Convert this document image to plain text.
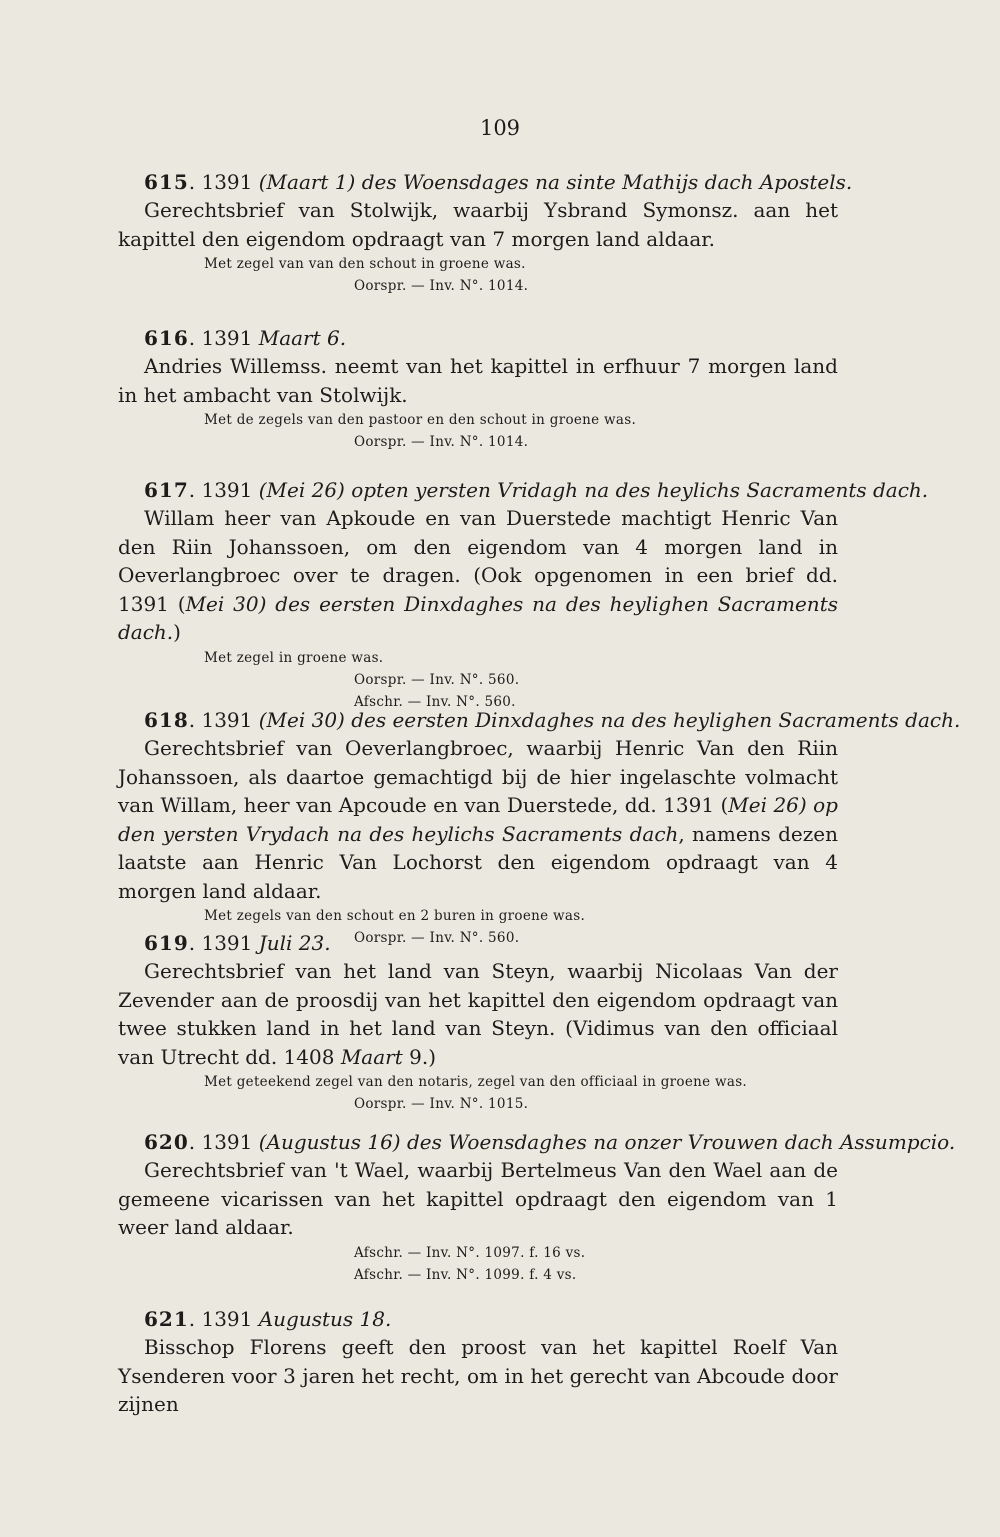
109
615. 1391 (Maart 1) des Woensdages na sinte Mathijs dach Apostels.
Gerechtsbrief van Stolwijk, waarbij Ysbrand Symonsz. aan het kapittel den eigendom opdraagt van 7 morgen land aldaar.
Met zegel van van den schout in groene was.
Oorspr. — Inv. N°. 1014.
616. 1391 Maart 6.
Andries Willemss. neemt van het kapittel in erfhuur 7 morgen land in het ambacht van Stolwijk.
Met de zegels van den pastoor en den schout in groene was.
Oorspr. — Inv. N°. 1014.
617. 1391 (Mei 26) opten yersten Vridagh na des heylichs Sacraments dach.
Willam heer van Apkoude en van Duerstede machtigt Henric Van den Riin Johanssoen, om den eigendom van 4 morgen land in Oeverlangbroec over te dragen. (Ook opgenomen in een brief dd. 1391 (Mei 30) des eersten Dinxdaghes na des heylighen Sacraments dach.)
Met zegel in groene was.
Oorspr. — Inv. N°. 560.
Afschr. — Inv. N°. 560.
618. 1391 (Mei 30) des eersten Dinxdaghes na des heylighen Sacraments dach.
Gerechtsbrief van Oeverlangbroec, waarbij Henric Van den Riin Johanssoen, als daartoe gemachtigd bij de hier ingelaschte volmacht van Willam, heer van Apcoude en van Duerstede, dd. 1391 (Mei 26) op den yersten Vrydach na des heylichs Sacraments dach, namens dezen laatste aan Henric Van Lochorst den eigendom opdraagt van 4 morgen land aldaar.
Met zegels van den schout en 2 buren in groene was.
Oorspr. — Inv. N°. 560.
619. 1391 Juli 23.
Gerechtsbrief van het land van Steyn, waarbij Nicolaas Van der Zevender aan de proosdij van het kapittel den eigendom opdraagt van twee stukken land in het land van Steyn. (Vidimus van den officiaal van Utrecht dd. 1408 Maart 9.)
Met geteekend zegel van den notaris, zegel van den officiaal in groene was.
Oorspr. — Inv. N°. 1015.
620. 1391 (Augustus 16) des Woensdaghes na onzer Vrouwen dach Assumpcio.
Gerechtsbrief van 't Wael, waarbij Bertelmeus Van den Wael aan de gemeene vicarissen van het kapittel opdraagt den eigendom van 1 weer land aldaar.
Afschr. — Inv. N°. 1097. f. 16 vs.
Afschr. — Inv. N°. 1099. f. 4 vs.
621. 1391 Augustus 18.
Bisschop Florens geeft den proost van het kapittel Roelf Van Ysenderen voor 3 jaren het recht, om in het gerecht van Abcoude door zijnen
